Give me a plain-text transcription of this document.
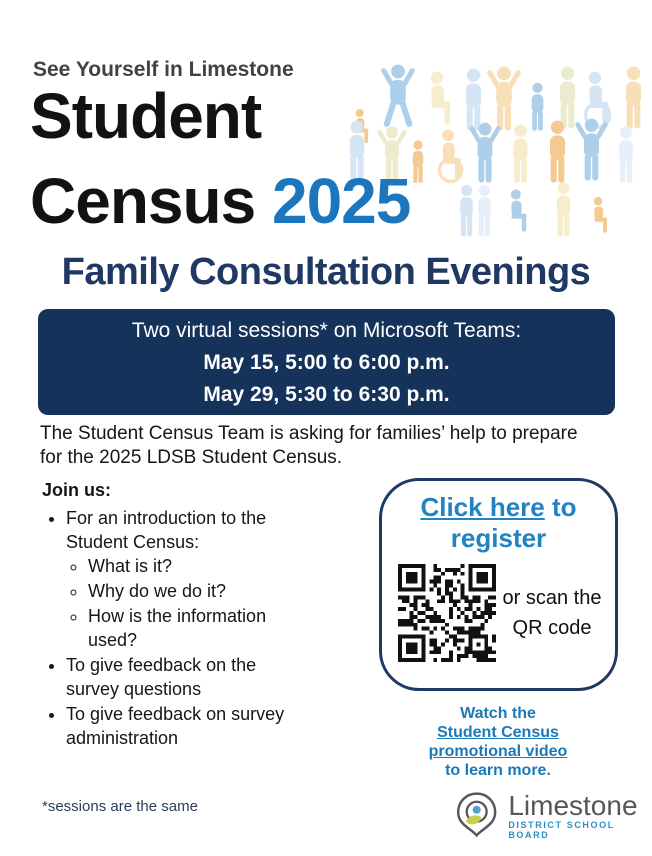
See Yourself in Limestone
Student
Census 2025
Family Consultation Evenings
Two virtual sessions* on Microsoft Teams:
May 15, 5:00 to 6:00 p.m.
May 29, 5:30 to 6:30 p.m.
The Student Census Team is asking for families’ help to prepare for the 2025 LDSB Student Census.
Join us:
• For an introduction to the Student Census:
◦ What is it?
◦ Why do we do it?
◦ How is the information used?
• To give feedback on the survey questions
• To give feedback on survey administration
Click here to
register
or scan the QR code
Watch the
Student Census
promotional video
to learn more.
*sessions are the same	Limestone
DISTRICT SCHOOL BOARD
